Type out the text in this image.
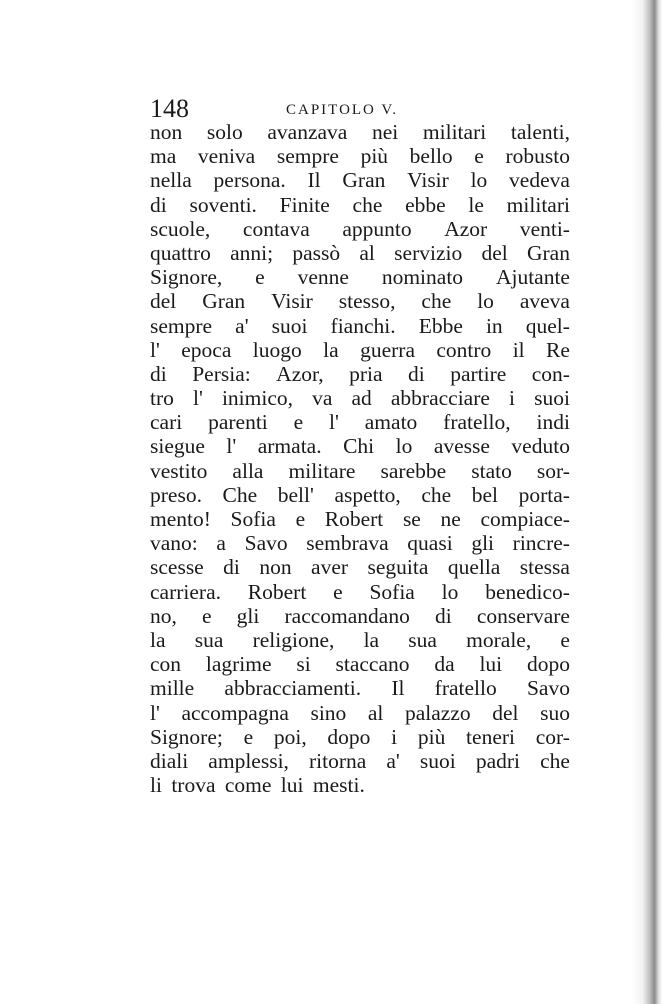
148	CAPITOLO V.
non solo avanzava nei militari talenti,
ma veniva sempre più bello e robusto
nella persona. Il Gran Visir lo vedeva
di soventi. Finite che ebbe le militari
scuole, contava appunto Azor venti-
quattro anni; passò al servizio del Gran
Signore, e venne nominato Ajutante
del Gran Visir stesso, che lo aveva
sempre a' suoi fianchi. Ebbe in quel-
l' epoca luogo la guerra contro il Re
di Persia: Azor, pria di partire con-
tro l' inimico, va ad abbracciare i suoi
cari parenti e l' amato fratello, indi
siegue l' armata. Chi lo avesse veduto
vestito alla militare sarebbe stato sor-
preso. Che bell' aspetto, che bel porta-
mento! Sofia e Robert se ne compiace-
vano: a Savo sembrava quasi gli rincre-
scesse di non aver seguita quella stessa
carriera. Robert e Sofia lo benedico-
no, e gli raccomandano di conservare
la sua religione, la sua morale, e
con lagrime si staccano da lui dopo
mille abbracciamenti. Il fratello Savo
l' accompagna sino al palazzo del suo
Signore; e poi, dopo i più teneri cor-
diali amplessi, ritorna a' suoi padri che
li trova come lui mesti.
